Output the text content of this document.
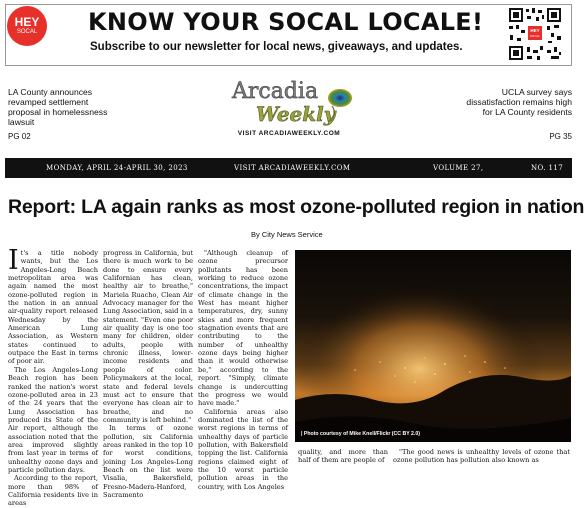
HEY
SOCAL	KNOW YOUR SOCAL LOCALE!
Subscribe to our newsletter for local news, giveaways, and updates.
HEY
SOCAL
LA County announces revamped settlement proposal in homelessness lawsuit
PG 02
UCLA survey says dissatisfaction remains high for LA County residents
PG 35
Arcadia
Weekly
VISIT ARCADIAWEEKLY.COM
MONDAY, APRIL 24-APRIL 30, 2023	VISIT ARCADIAWEEKLY.COM	VOLUME 27,	NO. 117
Report: LA again ranks as most ozone-polluted region in nation
By City News Service

It's a title nobody wants, but the Los Angeles-Long Beach metropolitan area was again named the most ozone-polluted region in the nation in an annual air-quality report released Wednesday by the American Lung Association, as Western states continued to outpace the East in terms of poor air.

The Los Angeles-Long Beach region has been ranked the nation's worst ozone-polluted area in 23 of the 24 years that the Lung Association has produced its State of the Air report, although the association noted that the area improved slightly from last year in terms of unhealthy ozone days and particle pollution days.

According to the report, more than 98% of California residents live in areas

progress in California, but there is much work to be done to ensure every Californian has clean, healthy air to breathe," Mariela Ruacho, Clean Air Advocacy manager for the Lung Association, said in a statement. "Even one poor air quality day is one too many for children, older adults, people with chronic illness, lower-income residents and people of color. Policymakers at the local, state and federal levels must act to ensure that everyone has clean air to breathe, and no community is left behind."

In terms of ozone pollution, six California areas ranked in the top 10 for worst conditions, joining Los Angeles-Long Beach on the list were Visalia, Bakersfield, Fresno-Madera-Hanford, Sacramento

"Although cleanup of ozone precursor pollutants has been working to reduce ozone concentrations, the impact of climate change in the West has meant higher temperatures, dry, sunny skies and more frequent stagnation events that are contributing to the number of unhealthy ozone days being higher than it would otherwise be," according to the report. "Simply, climate change is undercutting the progress we would have made."

California areas also dominated the list of the worst regions in terms of unhealthy days of particle pollution, with Bakersfield topping the list. California regions claimed eight of the 10 worst particle pollution areas in the country, with Los Angeles

quality, and more than half of them are people of

"The good news is unhealthy levels of ozone that ozone pollution has pollution also known as

| Photo courtesy of Mike Knell/Flickr (CC BY 2.0)
